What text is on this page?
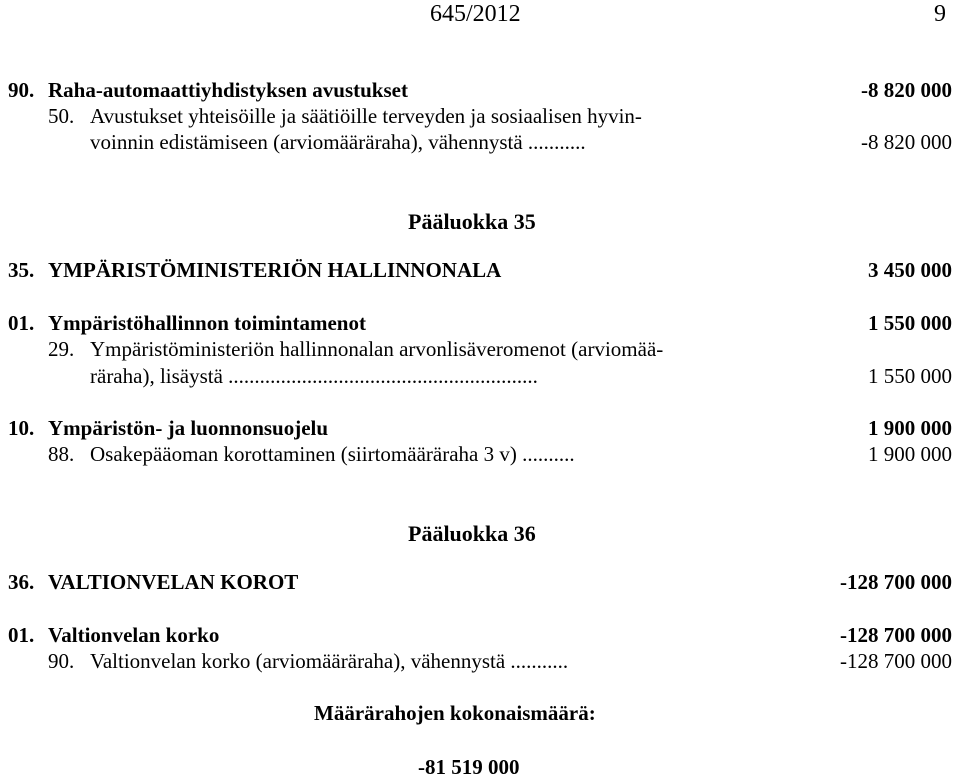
645/2012	9
90. Raha-automaattiyhdistyksen avustukset	-8 820 000
50. Avustukset yhteisöille ja säätiöille terveyden ja sosiaalisen hyvin-
voinnin edistämiseen (arviomääräraha), vähennystä ...........	-8 820 000
Pääluokka 35
35. YMPÄRISTÖMINISTERIÖN HALLINNONALA	3 450 000
01. Ympäristöhallinnon toimintamenot	1 550 000
29. Ympäristöministeriön hallinnonalan arvonlisäveromenot (arviomää-
räraha), lisäystä ...........................................................	1 550 000
10. Ympäristön- ja luonnonsuojelu	1 900 000
88. Osakepääoman korottaminen (siirtomääräraha 3 v) ..........	1 900 000
Pääluokka 36
36. VALTIONVELAN KOROT	-128 700 000
01. Valtionvelan korko	-128 700 000
90. Valtionvelan korko (arviomääräraha), vähennystä ...........	-128 700 000
Määrärahojen kokonaismäärä:
-81 519 000
